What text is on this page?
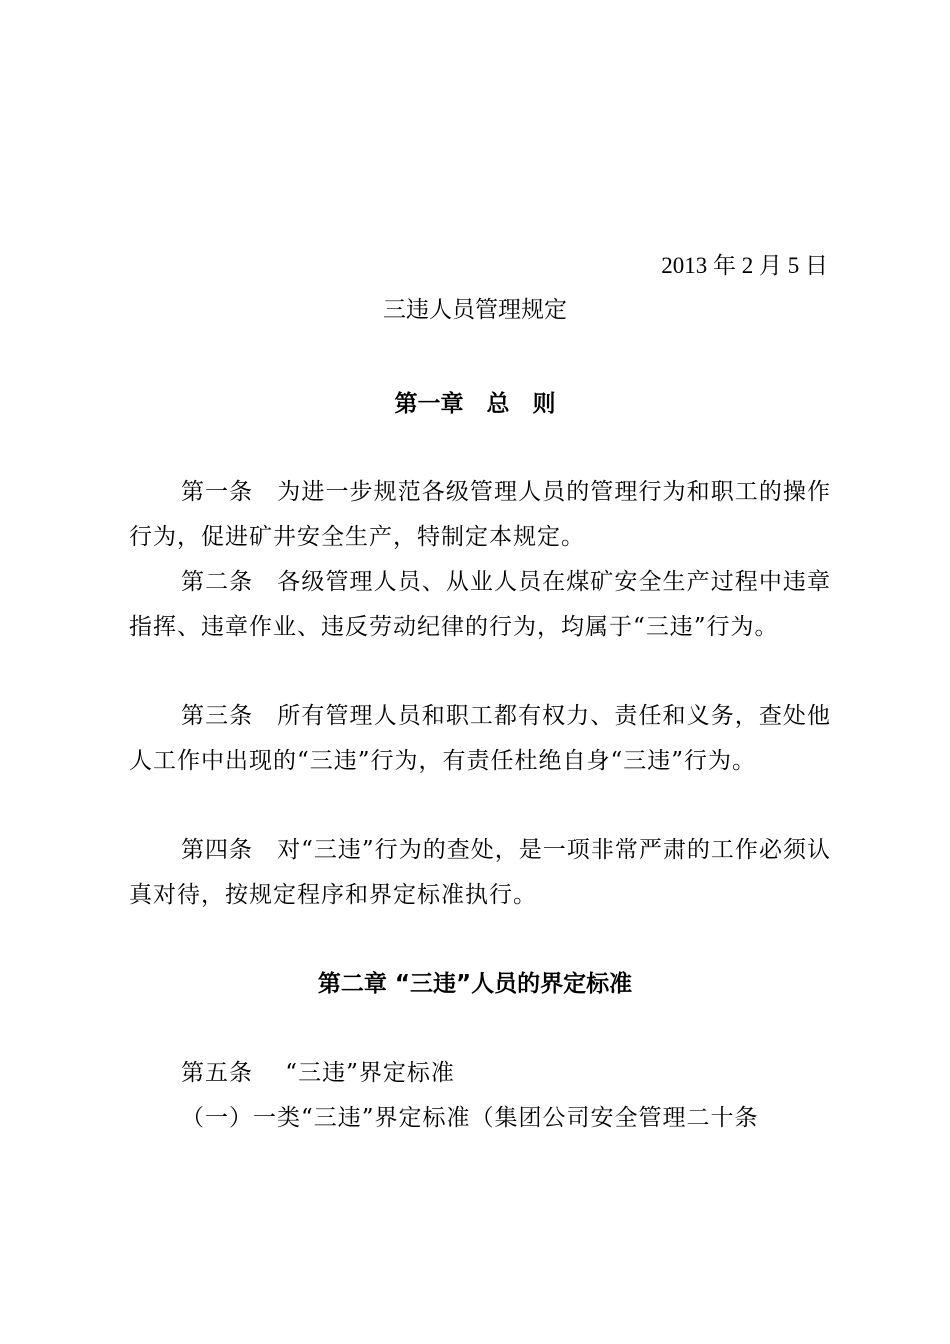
2013 年 2 月 5 日
三违人员管理规定
第一章　总　则

第一条　为进一步规范各级管理人员的管理行为和职工的操作行为，促进矿井安全生产，特制定本规定。

第二条　各级管理人员、从业人员在煤矿安全生产过程中违章指挥、违章作业、违反劳动纪律的行为，均属于“三违”行为。

第三条　所有管理人员和职工都有权力、责任和义务，查处他人工作中出现的“三违”行为，有责任杜绝自身“三违”行为。

第四条　对“三违”行为的查处，是一项非常严肃的工作必须认真对待，按规定程序和界定标准执行。

第二章 “三违”人员的界定标准

第五条　 “三违”界定标准

（一）一类“三违”界定标准（集团公司安全管理二十条
